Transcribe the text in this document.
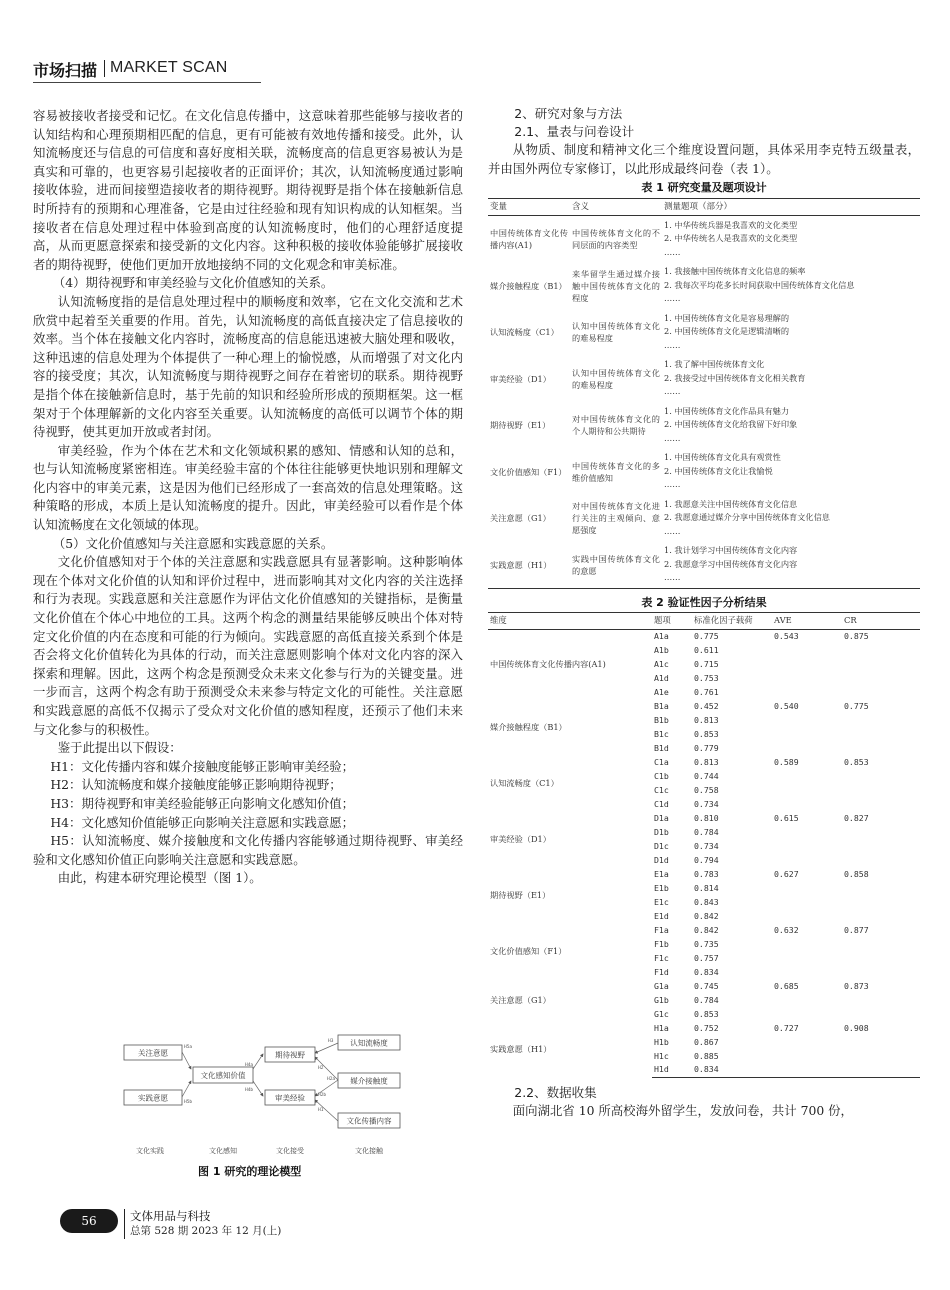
市场扫描 MARKET SCAN

容易被接收者接受和记忆。在文化信息传播中，这意味着那些能够与接收者的认知结构和心理预期相匹配的信息，更有可能被有效地传播和接受。此外，认知流畅度还与信息的可信度和喜好度相关联，流畅度高的信息更容易被认为是真实和可靠的，也更容易引起接收者的正面评价；其次，认知流畅度通过影响接收体验，进而间接塑造接收者的期待视野。期待视野是指个体在接触新信息时所持有的预期和心理准备，它是由过往经验和现有知识构成的认知框架。当接收者在信息处理过程中体验到高度的认知流畅度时，他们的心理舒适度提高，从而更愿意探索和接受新的文化内容。这种积极的接收体验能够扩展接收者的期待视野，使他们更加开放地接纳不同的文化观念和审美标准。

（4）期待视野和审美经验与文化价值感知的关系。

认知流畅度指的是信息处理过程中的顺畅度和效率，它在文化交流和艺术欣赏中起着至关重要的作用。首先，认知流畅度的高低直接决定了信息接收的效率。当个体在接触文化内容时，流畅度高的信息能迅速被大脑处理和吸收，这种迅速的信息处理为个体提供了一种心理上的愉悦感，从而增强了对文化内容的接受度；其次，认知流畅度与期待视野之间存在着密切的联系。期待视野是指个体在接触新信息时，基于先前的知识和经验所形成的预期框架。这一框架对于个体理解新的文化内容至关重要。认知流畅度的高低可以调节个体的期待视野，使其更加开放或者封闭。

审美经验，作为个体在艺术和文化领域积累的感知、情感和认知的总和，也与认知流畅度紧密相连。审美经验丰富的个体往往能够更快地识别和理解文化内容中的审美元素，这是因为他们已经形成了一套高效的信息处理策略。这种策略的形成，本质上是认知流畅度的提升。因此，审美经验可以看作是个体认知流畅度在文化领域的体现。

（5）文化价值感知与关注意愿和实践意愿的关系。

文化价值感知对于个体的关注意愿和实践意愿具有显著影响。这种影响体现在个体对文化价值的认知和评价过程中，进而影响其对文化内容的关注选择和行为表现。实践意愿和关注意愿作为评估文化价值感知的关键指标，是衡量文化价值在个体心中地位的工具。这两个构念的测量结果能够反映出个体对特定文化价值的内在态度和可能的行为倾向。实践意愿的高低直接关系到个体是否会将文化价值转化为具体的行动，而关注意愿则影响个体对文化内容的深入探索和理解。因此，这两个构念是预测受众未来文化参与行为的关键变量。进一步而言，这两个构念有助于预测受众未来参与特定文化的可能性。关注意愿和实践意愿的高低不仅揭示了受众对文化价值的感知程度，还预示了他们未来与文化参与的积极性。

鉴于此提出以下假设：

H1：文化传播内容和媒介接触度能够正影响审美经验；

H2：认知流畅度和媒介接触度能够正影响期待视野；

H3：期待视野和审美经验能够正向影响文化感知价值；

H4：文化感知价值能够正向影响关注意愿和实践意愿；

H5：认知流畅度、媒介接触度和文化传播内容能够通过期待视野、审美经验和文化感知价值正向影响关注意愿和实践意愿。

由此，构建本研究理论模型（图 1）。

关注意愿
实践意愿
文化感知价值
期待视野
审美经验
认知流畅度
媒介接触度
文化传播内容
H5a
H5b
H4a
H4b
H3
H2
H2a
H2b
H1
文化实践	文化感知	文化接受	文化接触
图 1 研究的理论模型
2、研究对象与方法
2.1、量表与问卷设计

从物质、制度和精神文化三个维度设置问题，具体采用李克特五级量表，并由国外两位专家修订，以此形成最终问卷（表 1）。

表 1 研究变量及题项设计
变量	含义	测量题项（部分）
中国传统体育文化传播内容(A1)	中国传统体育文化的不同层面的内容类型	1. 中华传统兵器是我喜欢的文化类型
2. 中华传统名人是我喜欢的文化类型
……

媒介接触程度（B1）	来华留学生通过媒介接触中国传统体育文化的程度	1. 我接触中国传统体育文化信息的频率
2. 我每次平均花多长时间获取中国传统体育文化信息
……

认知流畅度（C1）	认知中国传统体育文化的难易程度	1. 中国传统体育文化是容易理解的
2. 中国传统体育文化是逻辑清晰的
……

审美经验（D1）	认知中国传统体育文化的难易程度	1. 我了解中国传统体育文化
2. 我接受过中国传统体育文化相关教育
……

期待视野（E1）	对中国传统体育文化的个人期待和公共期待	1. 中国传统体育文化作品具有魅力
2. 中国传统体育文化给我留下好印象
……

文化价值感知（F1）	中国传统体育文化的多维价值感知	1. 中国传统体育文化具有观赏性
2. 中国传统体育文化让我愉悦
……

关注意愿（G1）	对中国传统体育文化进行关注的主观倾向、意愿强度	1. 我愿意关注中国传统体育文化信息
2. 我愿意通过媒介分享中国传统体育文化信息
……

实践意愿（H1）	实践中国传统体育文化的意愿	1. 我计划学习中国传统体育文化内容
2. 我愿意学习中国传统体育文化内容
……
表 2 验证性因子分析结果
维度	题项	标准化因子载荷	AVE	CR
中国传统体育文化传播内容(A1)	A1a	0.775	0.543	0.875
	A1b	0.611		
	A1c	0.715		
	A1d	0.753		
	A1e	0.761		
媒介接触程度（B1）	B1a	0.452	0.540	0.775
	B1b	0.813		
	B1c	0.853		
	B1d	0.779		
认知流畅度（C1）	C1a	0.813	0.589	0.853
	C1b	0.744		
	C1c	0.758		
	C1d	0.734		
审美经验（D1）	D1a	0.810	0.615	0.827
	D1b	0.784		
	D1c	0.734		
	D1d	0.794		
期待视野（E1）	E1a	0.783	0.627	0.858
	E1b	0.814		
	E1c	0.843		
	E1d	0.842		
文化价值感知（F1）	F1a	0.842	0.632	0.877
	F1b	0.735		
	F1c	0.757		
	F1d	0.834		
关注意愿（G1）	G1a	0.745	0.685	0.873
	G1b	0.784		
	G1c	0.853		
实践意愿（H1）	H1a	0.752	0.727	0.908
	H1b	0.867		
	H1c	0.885		
	H1d	0.834		
2.2、数据收集

面向湖北省 10 所高校海外留学生，发放问卷，共计 700 份，

56	文体用品与科技
总第 528 期 2023 年 12 月(上)
